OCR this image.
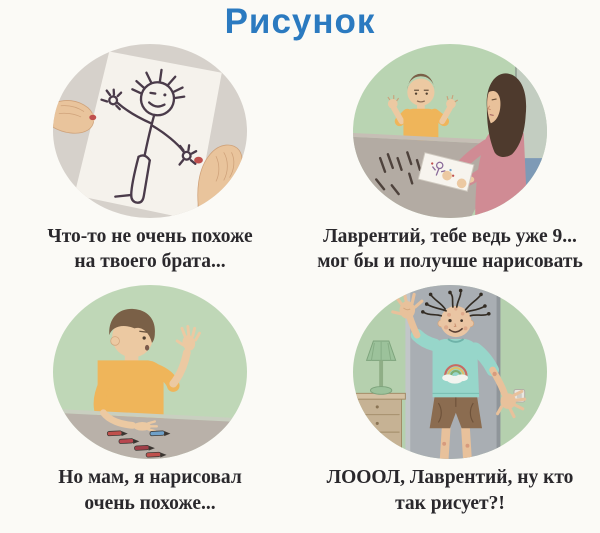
Рисунок
Что-то не очень похоже
на твоего брата...
Лаврентий, тебе ведь уже 9...
мог бы и получше нарисовать
Но мам, я нарисовал
очень похоже...
ЛОООЛ, Лаврентий, ну кто
так рисует?!
